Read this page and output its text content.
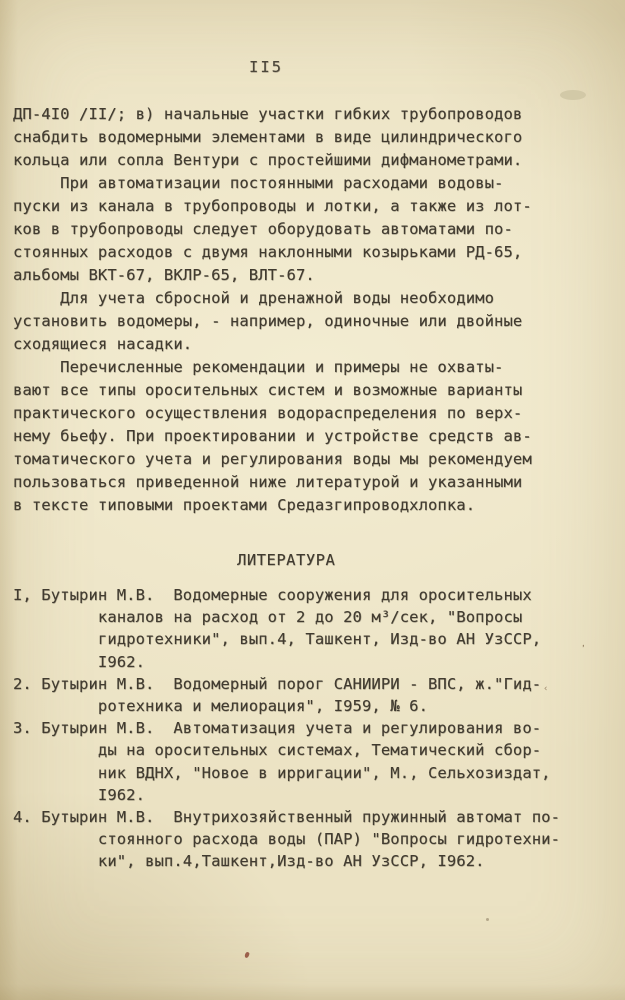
II5
ДП-4I0 /II/; в) начальные участки гибких трубопроводов
снабдить водомерными элементами в виде цилиндрического
кольца или сопла Вентури с простейшими дифманометрами.
При автоматизации постоянными расходами водовы-
пуски из канала в трубопроводы и лотки, а также из лот-
ков в трубопроводы следует оборудовать автоматами по-
стоянных расходов с двумя наклонными козырьками РД-65,
альбомы ВКТ-67, ВКЛР-65, ВЛТ-67.
Для учета сбросной и дренажной воды необходимо
установить водомеры, - например, одиночные или двойные
сходящиеся насадки.
Перечисленные рекомендации и примеры не охваты-
вают все типы оросительных систем и возможные варианты
практического осуществления водораспределения по верх-
нему бьефу. При проектировании и устройстве средств ав-
томатического учета и регулирования воды мы рекомендуем
пользоваться приведенной ниже литературой и указанными
в тексте типовыми проектами Средазгипроводхлопка.
ЛИТЕРАТУРА
I, Бутырин М.В.  Водомерные сооружения для оросительных
каналов на расход от 2 до 20 м³/сек, "Вопросы
гидротехники", вып.4, Ташкент, Изд-во АН УзССР,
I962.
2. Бутырин М.В.  Водомерный порог САНИИРИ - ВПС, ж."Гид-
ротехника и мелиорация", I959, № 6.
3. Бутырин М.В.  Автоматизация учета и регулирования во-
ды на оросительных системах, Тематический сбор-
ник ВДНХ, "Новое в ирригации", М., Сельхозиздат,
I962.
4. Бутырин М.В.  Внутрихозяйственный пружинный автомат по-
стоянного расхода воды (ПАР) "Вопросы гидротехни-
ки", вып.4,Ташкент,Изд-во АН УзССР, I962.
՚
‹
